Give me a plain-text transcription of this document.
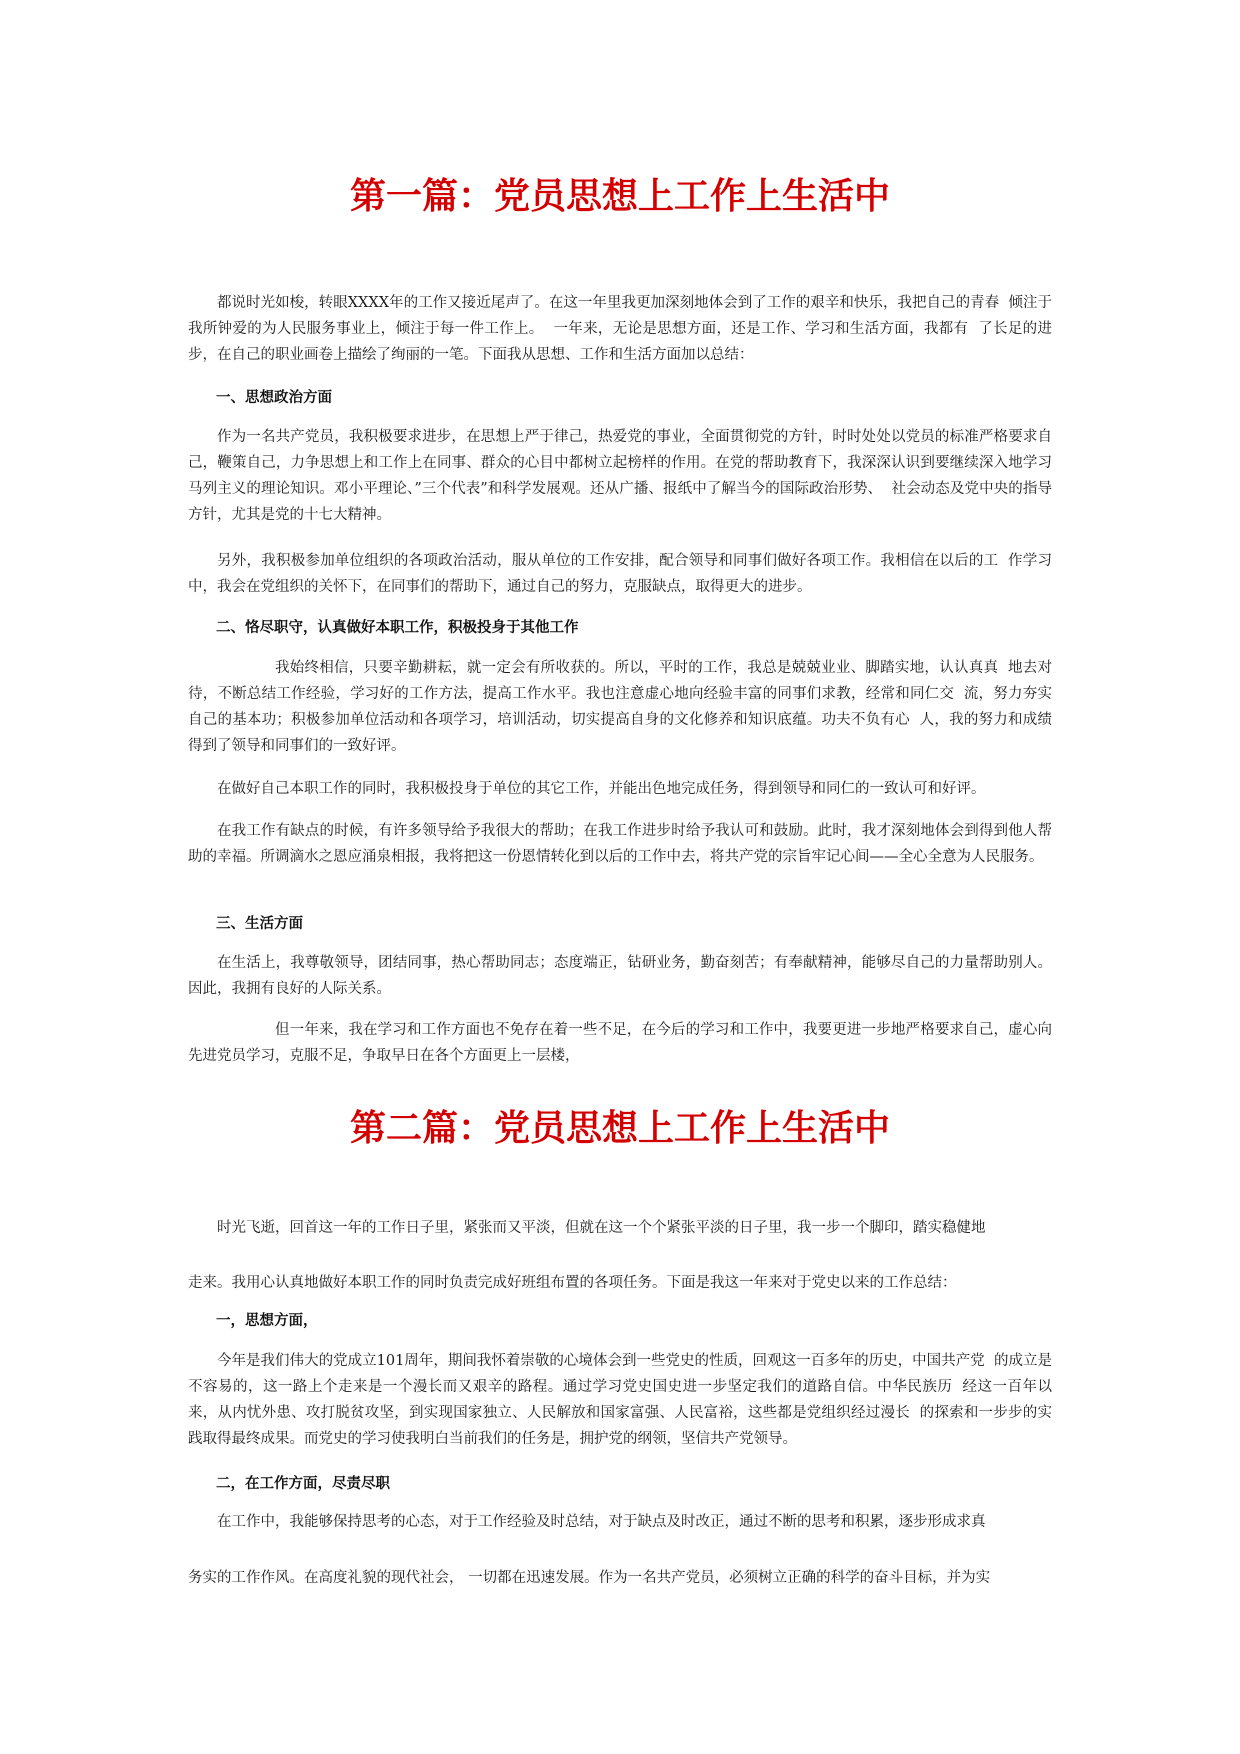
第一篇：党员思想上工作上生活中

都说时光如梭，转眼XXXX年的工作又接近尾声了。在这一年里我更加深刻地体会到了工作的艰辛和快乐，我把自己的青春  倾注于我所钟爱的为人民服务事业上，倾注于每一件工作上。  一年来，无论是思想方面，还是工作、学习和生活方面，我都有  了长足的进步，在自己的职业画卷上描绘了绚丽的一笔。下面我从思想、工作和生活方面加以总结：

一、思想政治方面

作为一名共产党员，我积极要求进步，在思想上严于律己，热爱党的事业，全面贯彻党的方针，时时处处以党员的标准严格要求自己，鞭策自己，力争思想上和工作上在同事、群众的心目中都树立起榜样的作用。在党的帮助教育下，我深深认识到要继续深入地学习马列主义的理论知识。邓小平理论、”三个代表”和科学发展观。还从广播、报纸中了解当今的国际政治形势、  社会动态及党中央的指导方针，尤其是党的十七大精神。

另外，我积极参加单位组织的各项政治活动，服从单位的工作安排，配合领导和同事们做好各项工作。我相信在以后的工  作学习中，我会在党组织的关怀下，在同事们的帮助下，通过自己的努力，克服缺点，取得更大的进步。

二、恪尽职守，认真做好本职工作，积极投身于其他工作

我始终相信，只要辛勤耕耘，就一定会有所收获的。所以，平时的工作，我总是兢兢业业、脚踏实地，认认真真  地去对待，不断总结工作经验，学习好的工作方法，提高工作水平。我也注意虚心地向经验丰富的同事们求教，经常和同仁交  流，努力夯实自己的基本功；积极参加单位活动和各项学习，培训活动，切实提高自身的文化修养和知识底蕴。功夫不负有心  人，我的努力和成绩得到了领导和同事们的一致好评。

在做好自己本职工作的同时，我积极投身于单位的其它工作，并能出色地完成任务，得到领导和同仁的一致认可和好评。

在我工作有缺点的时候，有许多领导给予我很大的帮助；在我工作进步时给予我认可和鼓励。此时，我才深刻地体会到得到他人帮助的幸福。所调滴水之恩应涌泉相报，我将把这一份恩情转化到以后的工作中去，将共产党的宗旨牢记心间——全心全意为人民服务。

三、生活方面

在生活上，我尊敬领导，团结同事，热心帮助同志；态度端正，钻研业务，勤奋刻苦；有奉献精神，能够尽自己的力量帮助别人。  因此，我拥有良好的人际关系。

但一年来，我在学习和工作方面也不免存在着一些不足，在今后的学习和工作中，我要更进一步地严格要求自己，虚心向先进党员学习，克服不足，争取早日在各个方面更上一层楼，

第二篇：党员思想上工作上生活中

时光飞逝，回首这一年的工作日子里，紧张而又平淡，但就在这一个个紧张平淡的日子里，我一步一个脚印，踏实稳健地

走来。我用心认真地做好本职工作的同时负责完成好班组布置的各项任务。下面是我这一年来对于党史以来的工作总结：

一，思想方面，

今年是我们伟大的党成立101周年，期间我怀着崇敬的心境体会到一些党史的性质，回观这一百多年的历史，中国共产党  的成立是不容易的，这一路上个走来是一个漫长而又艰辛的路程。通过学习党史国史进一步坚定我们的道路自信。中华民族历  经这一百年以来，从内忧外患、攻打脱贫攻坚，到实现国家独立、人民解放和国家富强、人民富裕，这些都是党组织经过漫长  的探索和一步步的实践取得最终成果。而党史的学习使我明白当前我们的任务是，拥护党的纲领，坚信共产党领导。

二，在工作方面，尽责尽职

在工作中，我能够保持思考的心态，对于工作经验及时总结，对于缺点及时改正，通过不断的思考和积累，逐步形成求真

务实的工作作风。在高度礼貌的现代社会， 一切都在迅速发展。作为一名共产党员，必须树立正确的科学的奋斗目标，并为实
